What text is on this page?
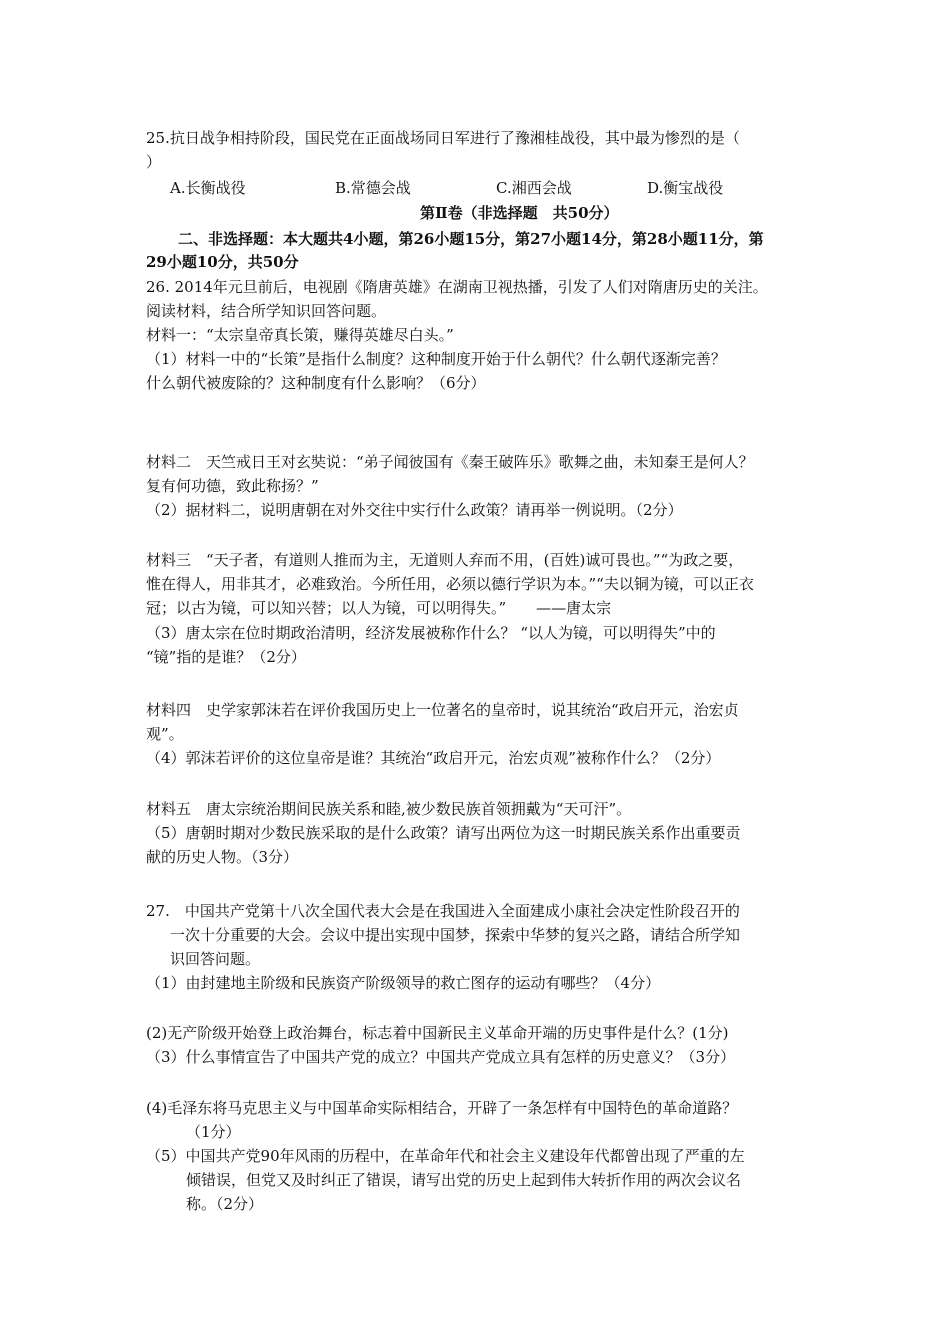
25.抗日战争相持阶段，国民党在正面战场同日军进行了豫湘桂战役，其中最为惨烈的是（
）
A.长衡战役	B.常德会战	C.湘西会战	D.衡宝战役
第Ⅱ卷（非选择题　共50分）
二、非选择题：本大题共4小题，第26小题15分，第27小题14分，第28小题11分，第
29小题10分，共50分
26. 2014年元旦前后，电视剧《隋唐英雄》在湖南卫视热播，引发了人们对隋唐历史的关注。
阅读材料，结合所学知识回答问题。
材料一：“太宗皇帝真长策，赚得英雄尽白头。”
（1）材料一中的“长策”是指什么制度？这种制度开始于什么朝代？什么朝代逐渐完善？
什么朝代被废除的？这种制度有什么影响？（6分）
材料二　天竺戒日王对玄奘说：“弟子闻彼国有《秦王破阵乐》歌舞之曲，未知秦王是何人？
复有何功德，致此称扬？”
（2）据材料二，说明唐朝在对外交往中实行什么政策？请再举一例说明。（2分）
材料三　“天子者，有道则人推而为主，无道则人弃而不用，(百姓)诚可畏也。”“为政之要，
惟在得人，用非其才，必难致治。今所任用，必须以德行学识为本。”“夫以铜为镜，可以正衣
冠；以古为镜，可以知兴替；以人为镜，可以明得失。”　　——唐太宗
（3）唐太宗在位时期政治清明，经济发展被称作什么？ “以人为镜，可以明得失”中的
“镜”指的是谁？（2分）
材料四　史学家郭沫若在评价我国历史上一位著名的皇帝时，说其统治“政启开元，治宏贞
观”。
（4）郭沫若评价的这位皇帝是谁？其统治“政启开元，治宏贞观”被称作什么？（2分）
材料五　唐太宗统治期间民族关系和睦,被少数民族首领拥戴为“天可汗”。
（5）唐朝时期对少数民族采取的是什么政策？请写出两位为这一时期民族关系作出重要贡
献的历史人物。（3分）
27.　中国共产党第十八次全国代表大会是在我国进入全面建成小康社会决定性阶段召开的
一次十分重要的大会。会议中提出实现中国梦，探索中华梦的复兴之路，请结合所学知
识回答问题。
（1）由封建地主阶级和民族资产阶级领导的救亡图存的运动有哪些？（4分）
(2)无产阶级开始登上政治舞台，标志着中国新民主义革命开端的历史事件是什么？(1分)
（3）什么事情宣告了中国共产党的成立？中国共产党成立具有怎样的历史意义？（3分）
(4)毛泽东将马克思主义与中国革命实际相结合，开辟了一条怎样有中国特色的革命道路？
（1分）
（5）中国共产党90年风雨的历程中，在革命年代和社会主义建设年代都曾出现了严重的左
倾错误，但党又及时纠正了错误，请写出党的历史上起到伟大转折作用的两次会议名
称。（2分）
